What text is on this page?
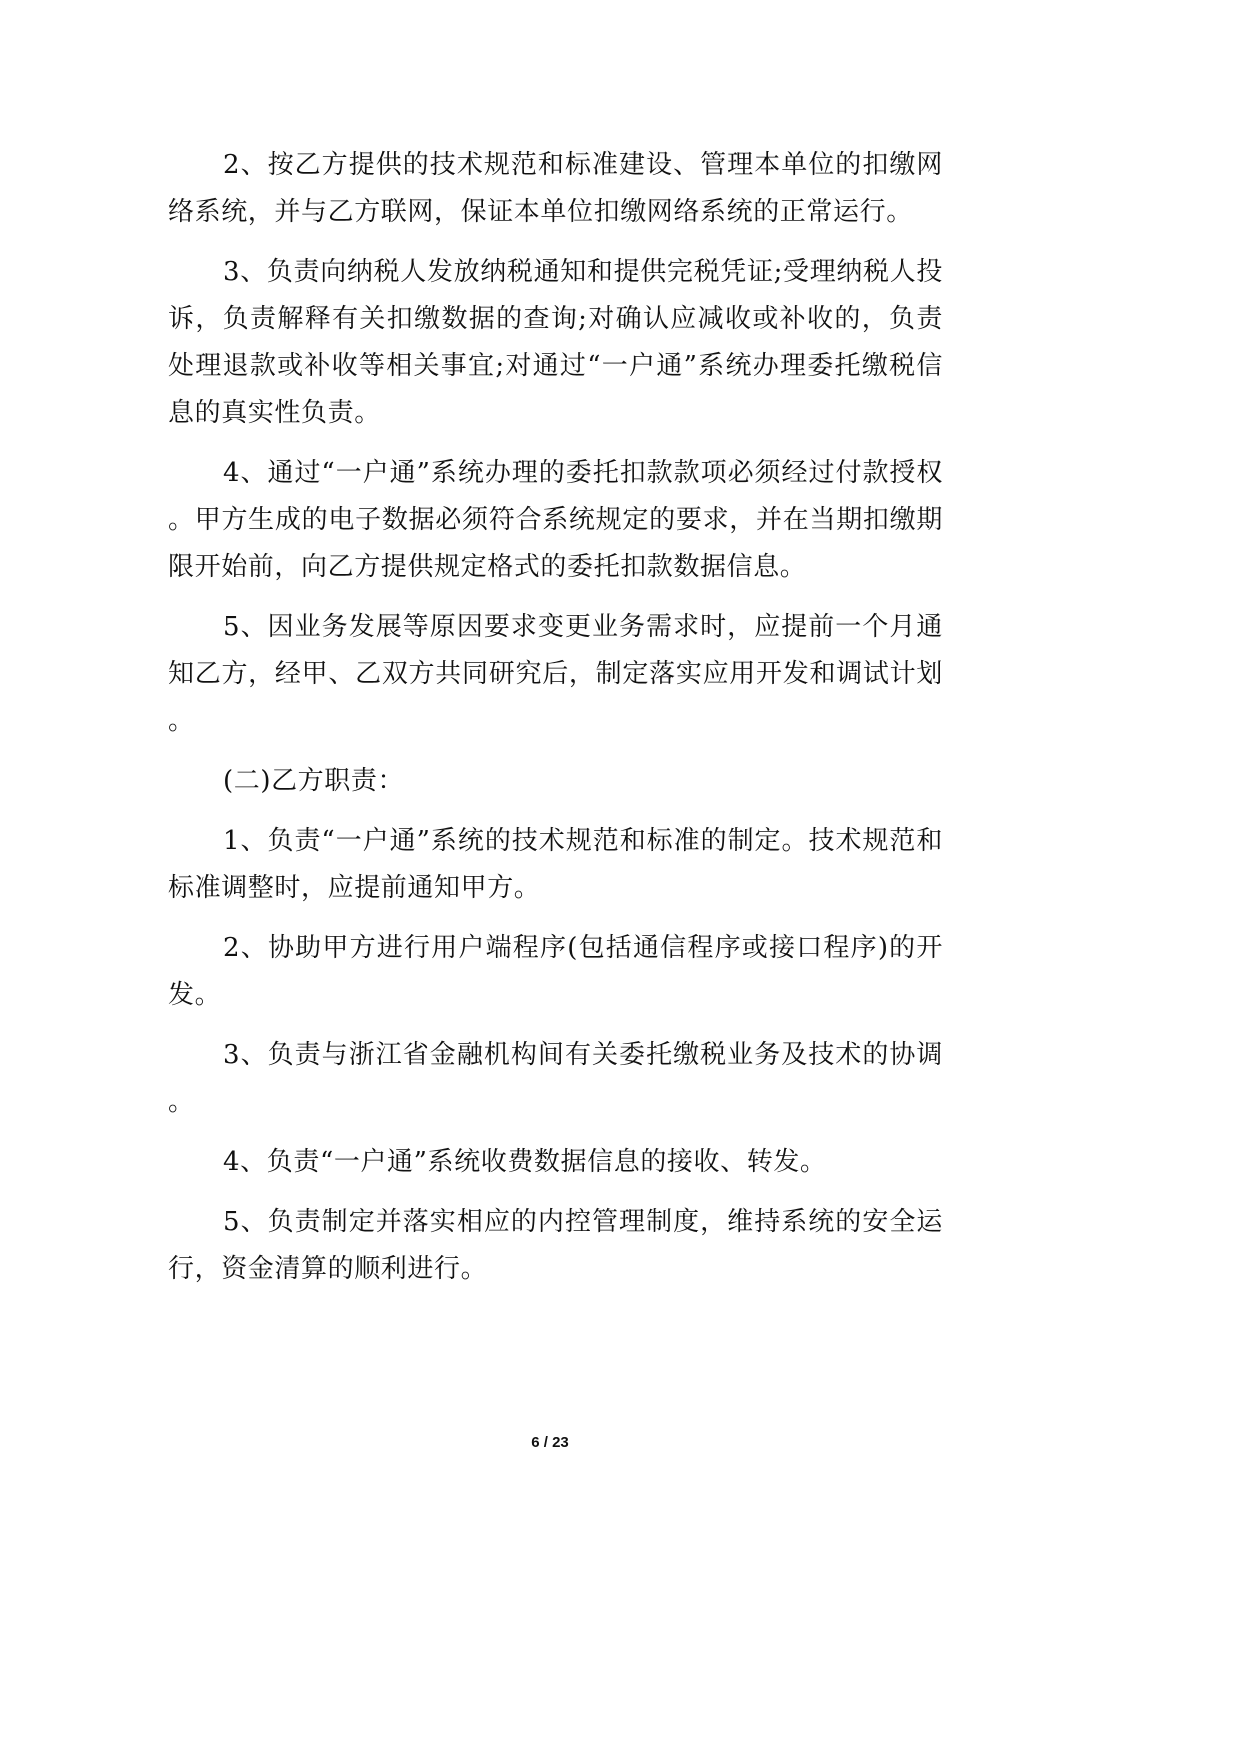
2、按乙方提供的技术规范和标准建设、管理本单位的扣缴网络系统，并与乙方联网，保证本单位扣缴网络系统的正常运行。

3、负责向纳税人发放纳税通知和提供完税凭证;受理纳税人投诉，负责解释有关扣缴数据的查询;对确认应减收或补收的，负责处理退款或补收等相关事宜;对通过“一户通”系统办理委托缴税信息的真实性负责。

4、通过“一户通”系统办理的委托扣款款项必须经过付款授权。甲方生成的电子数据必须符合系统规定的要求，并在当期扣缴期限开始前，向乙方提供规定格式的委托扣款数据信息。

5、因业务发展等原因要求变更业务需求时，应提前一个月通知乙方，经甲、乙双方共同研究后，制定落实应用开发和调试计划。

(二)乙方职责：

1、负责“一户通”系统的技术规范和标准的制定。技术规范和标准调整时，应提前通知甲方。

2、协助甲方进行用户端程序(包括通信程序或接口程序)的开发。

3、负责与浙江省金融机构间有关委托缴税业务及技术的协调。

4、负责“一户通”系统收费数据信息的接收、转发。

5、负责制定并落实相应的内控管理制度，维持系统的安全运行，资金清算的顺利进行。

6 / 23
